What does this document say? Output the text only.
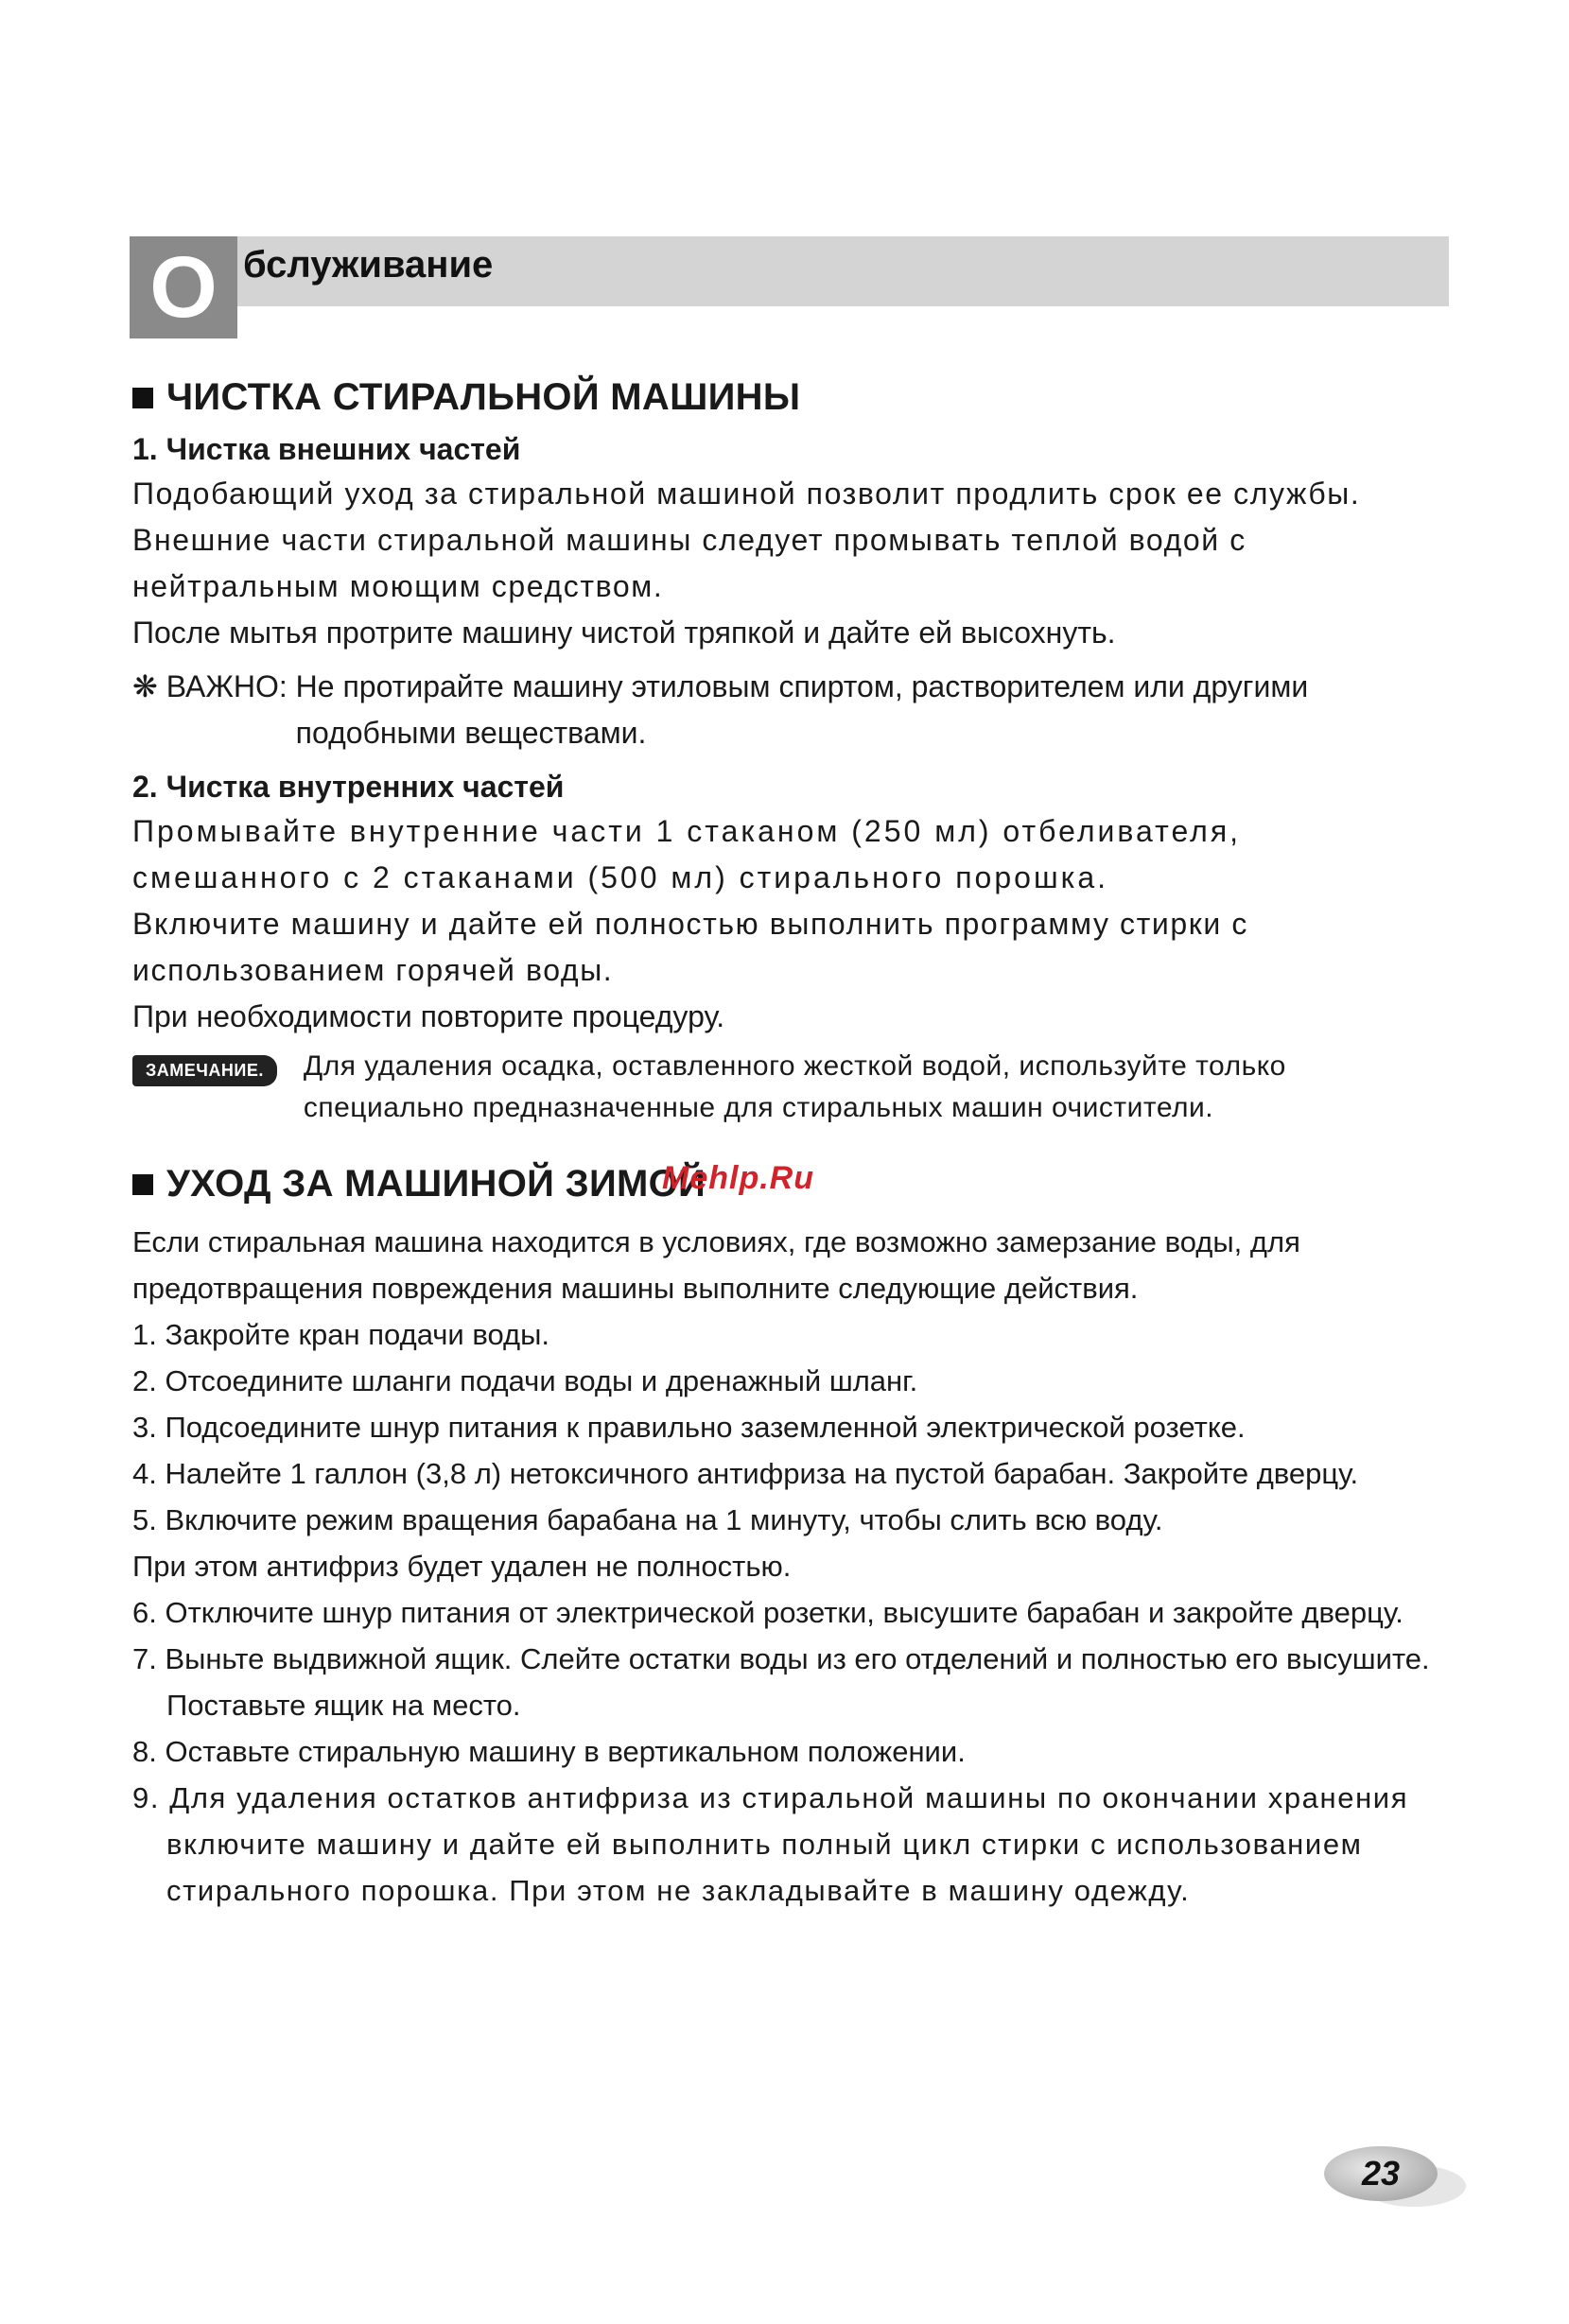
О бслуживание
ЧИСТКА СТИРАЛЬНОЙ МАШИНЫ
1. Чистка внешних частей

Подобающий уход за стиральной машиной позволит продлить срок ее службы.

Внешние части стиральной машины следует промывать теплой водой с нейтральным моющим средством.

После мытья протрите машину чистой тряпкой и дайте ей высохнуть.

❋ ВАЖНО: Не протирайте машину этиловым спиртом, растворителем или другими подобными веществами.
2. Чистка внутренних частей

Промывайте внутренние части 1 стаканом (250 мл) отбеливателя, смешанного с 2 стаканами (500 мл) стирального порошка.

Включите машину и дайте ей полностью выполнить программу стирки с использованием горячей воды.

При необходимости повторите процедуру.

ЗАМЕЧАНИЕ.	Для удаления осадка, оставленного жесткой водой, используйте только специально предназначенные для стиральных машин очистители.
УХОД ЗА МАШИНОЙ ЗИМОЙ

Если стиральная машина находится в условиях, где возможно замерзание воды, для предотвращения повреждения машины выполните следующие действия.

1. Закройте кран подачи воды.
2. Отсоедините шланги подачи воды и дренажный шланг.
3. Подсоедините шнур питания к правильно заземленной электрической розетке.
4. Налейте 1 галлон (3,8 л) нетоксичного антифриза на пустой барабан. Закройте дверцу.
5. Включите режим вращения барабана на 1 минуту, чтобы слить всю воду.

При этом антифриз будет удален не полностью.

6. Отключите шнур питания от электрической розетки, высушите барабан и закройте дверцу.
7. Выньте выдвижной ящик. Слейте остатки воды из его отделений и полностью его высушите. Поставьте ящик на место.
8. Оставьте стиральную машину в вертикальном положении.
9. Для удаления остатков антифриза из стиральной машины по окончании хранения включите машину и дайте ей выполнить полный цикл стирки с использованием стирального порошка. При этом не закладывайте в машину одежду.
Mehlp.Ru
23
